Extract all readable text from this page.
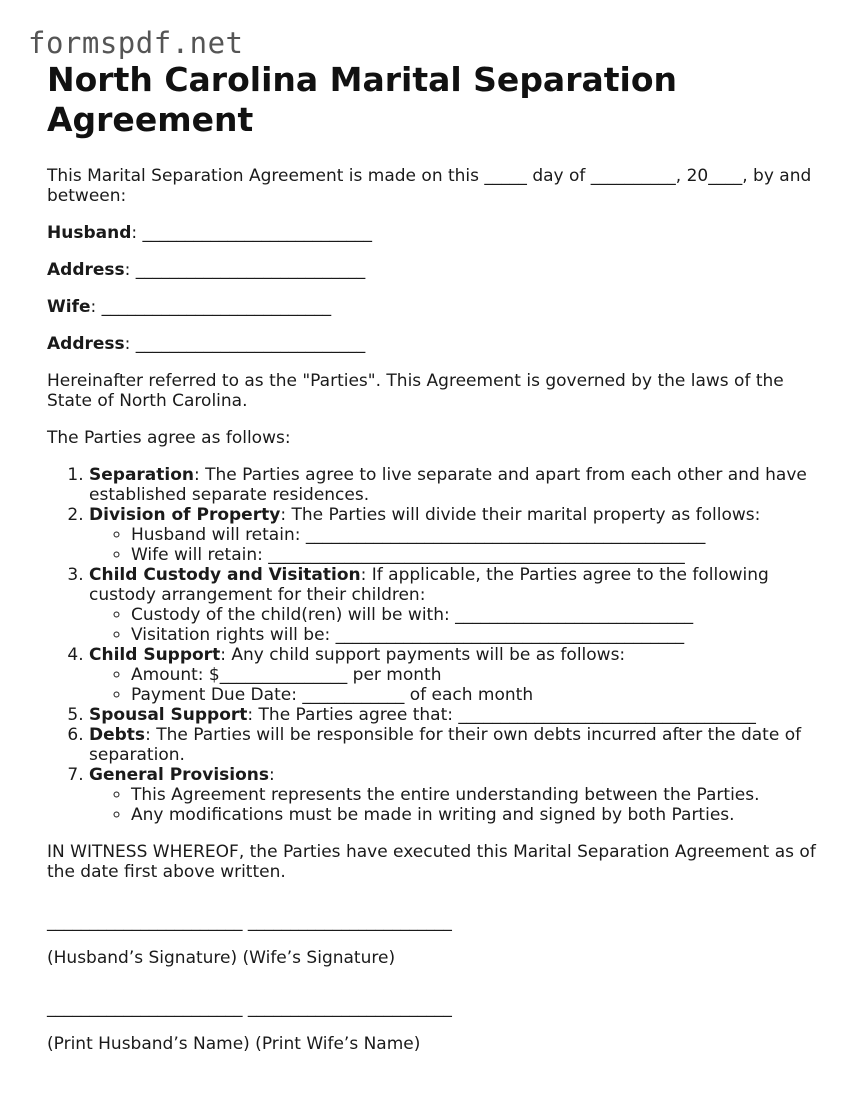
formspdf.net
North Carolina Marital Separation Agreement

This Marital Separation Agreement is made on this _____ day of __________, 20____, by and between:

Husband: ___________________________

Address: ___________________________

Wife: ___________________________

Address: ___________________________

Hereinafter referred to as the "Parties". This Agreement is governed by the laws of the State of North Carolina.

The Parties agree as follows:

1. Separation: The Parties agree to live separate and apart from each other and have established separate residences.
2. Division of Property: The Parties will divide their marital property as follows:
◦ Husband will retain: _______________________________________________
◦ Wife will retain: _________________________________________________
3. Child Custody and Visitation: If applicable, the Parties agree to the following custody arrangement for their children:
◦ Custody of the child(ren) will be with: ____________________________
◦ Visitation rights will be: _________________________________________
4. Child Support: Any child support payments will be as follows:
◦ Amount: $_______________ per month
◦ Payment Due Date: ____________ of each month
5. Spousal Support: The Parties agree that: ___________________________________
6. Debts: The Parties will be responsible for their own debts incurred after the date of separation.
7. General Provisions:
◦ This Agreement represents the entire understanding between the Parties.
◦ Any modifications must be made in writing and signed by both Parties.

IN WITNESS WHEREOF, the Parties have executed this Marital Separation Agreement as of the date first above written.

_______________________ ________________________

(Husband’s Signature) (Wife’s Signature)

_______________________ ________________________

(Print Husband’s Name) (Print Wife’s Name)
